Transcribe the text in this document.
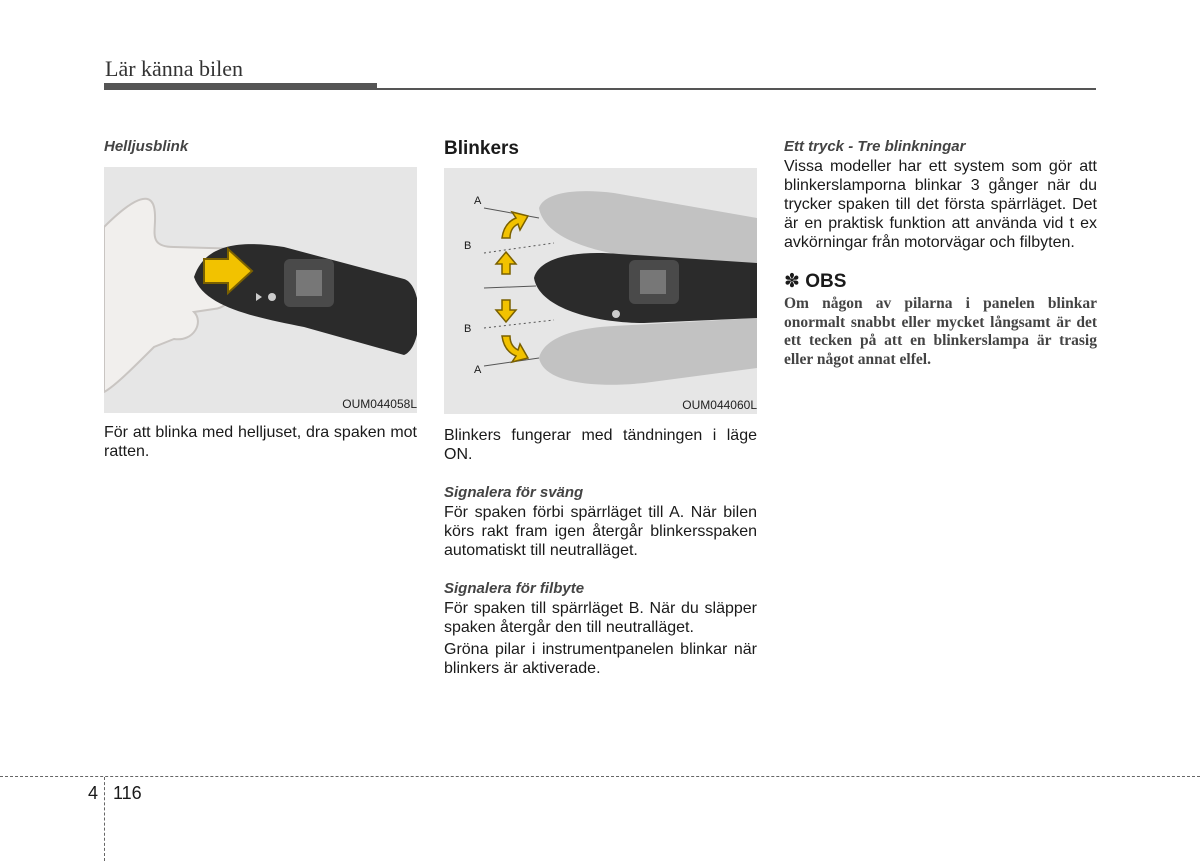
Lär känna bilen

Helljusblink

OUM044058L

För att blinka med helljuset, dra spaken mot ratten.

Blinkers

A
B
B
A
OUM044060L

Blinkers fungerar med tändningen i läge ON.

Signalera för sväng

För spaken förbi spärrläget till A. När bilen körs rakt fram igen återgår blinkersspaken automatiskt till neutralläget.

Signalera för filbyte

För spaken till spärrläget B. När du släpper spaken återgår den till neutralläget.

Gröna pilar i instrumentpanelen blinkar när blinkers är aktiverade.

Ett tryck - Tre blinkningar

Vissa modeller har ett system som gör att blinkerslamporna blinkar 3 gånger när du trycker spaken till det första spärrläget. Det är en praktisk funktion att använda vid t ex avkörningar från motorvägar och filbyten.

✽ OBS

Om någon av pilarna i panelen blinkar onormalt snabbt eller mycket långsamt är det ett tecken på att en blinkerslampa är trasig eller något annat elfel.

4 116
